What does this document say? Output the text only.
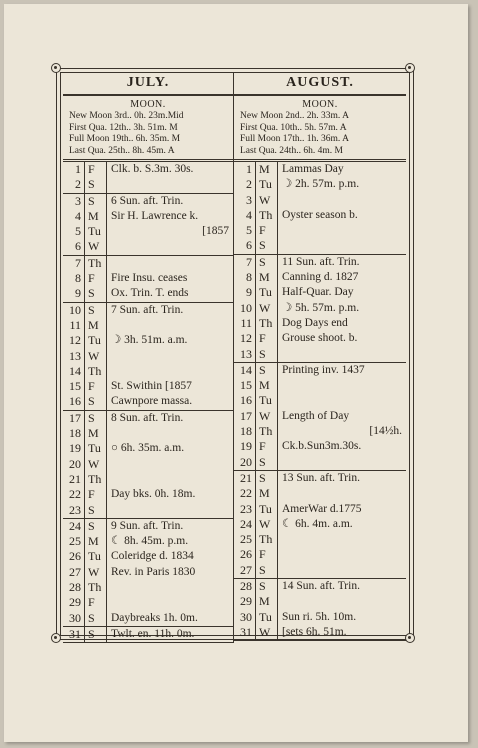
JULY.
MOON.
New Moon 3rd.. 0h. 23m.Mid
First Qua. 12th.. 3h. 51m. M
Full Moon 19th.. 6h. 35m. M
Last Qua. 25th.. 8h. 45m. A
1 F	Clk. b. S.3m. 30s.
2 S
3 S	6 Sun. aft. Trin.
4 M	Sir H. Lawrence k.
5 Tu	[1857
6 W
7 Th
8 F	Fire Insu. ceases
9 S	Ox. Trin. T. ends
10 S	7 Sun. aft. Trin.
11 M
12 Tu ☽ 3h. 51m. a.m.
13 W
14 Th
15 F	St. Swithin [1857
16 S	Cawnpore massa.
17 S	8 Sun. aft. Trin.
18 M
19 Tu ○ 6h. 35m. a.m.
20 W
21 Th
22 F	Day bks. 0h. 18m.
23 S
24 S	9 Sun. aft. Trin.
25 M	☾ 8h. 45m. p.m.
26 Tu Coleridge d. 1834
27 W	Rev. in Paris 1830
28 Th
29 F
30 S	Daybreaks 1h. 0m.
31 S	Twlt. en. 11h. 0m.
AUGUST.
MOON.
New Moon 2nd.. 2h. 33m. A
First Qua. 10th.. 5h. 57m. A
Full Moon 17th.. 1h. 36m. A
Last Qua. 24th.. 6h. 4m. M
1 M	Lammas Day
2 Tu ☽ 2h. 57m. p.m.
3 W
4 Th Oyster season b.
5 F
6 S
7 S	11 Sun. aft. Trin.
8 M	Canning d. 1827
9 Tu Half-Quar. Day
10 W	☽ 5h. 57m. p.m.
11 Th Dog Days end
12 F	Grouse shoot. b.
13 S
14 S	Printing inv. 1437
15 M
16 Tu
17 W	Length of Day
18 Th	[14½h.
19 F	Ck.b.Sun3m.30s.
20 S
21 S	13 Sun. aft. Trin.
22 M
23 Tu AmerWar d.1775
24 W	☾ 6h. 4m. a.m.
25 Th
26 F
27 S
28 S	14 Sun. aft. Trin.
29 M
30 Tu Sun ri. 5h. 10m.
31 W	[sets 6h. 51m.
